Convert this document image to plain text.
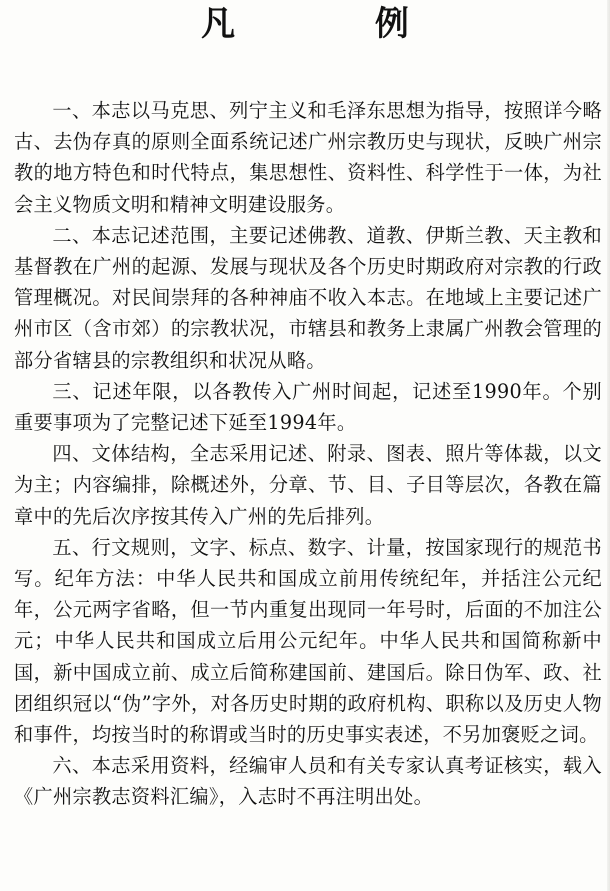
凡 例

一、本志以马克思、列宁主义和毛泽东思想为指导，按照详今略古、去伪存真的原则全面系统记述广州宗教历史与现状，反映广州宗教的地方特色和时代特点，集思想性、资料性、科学性于一体，为社会主义物质文明和精神文明建设服务。

二、本志记述范围，主要记述佛教、道教、伊斯兰教、天主教和基督教在广州的起源、发展与现状及各个历史时期政府对宗教的行政管理概况。对民间崇拜的各种神庙不收入本志。在地域上主要记述广州市区（含市郊）的宗教状况，市辖县和教务上隶属广州教会管理的部分省辖县的宗教组织和状况从略。

三、记述年限，以各教传入广州时间起，记述至1990年。个别重要事项为了完整记述下延至1994年。

四、文体结构，全志采用记述、附录、图表、照片等体裁，以文为主；内容编排，除概述外，分章、节、目、子目等层次，各教在篇章中的先后次序按其传入广州的先后排列。

五、行文规则，文字、标点、数字、计量，按国家现行的规范书写。纪年方法：中华人民共和国成立前用传统纪年，并括注公元纪年，公元两字省略，但一节内重复出现同一年号时，后面的不加注公元；中华人民共和国成立后用公元纪年。中华人民共和国简称新中国，新中国成立前、成立后简称建国前、建国后。除日伪军、政、社团组织冠以“伪”字外，对各历史时期的政府机构、职称以及历史人物和事件，均按当时的称谓或当时的历史事实表述，不另加褒贬之词。

六、本志采用资料，经编审人员和有关专家认真考证核实，载入《广州宗教志资料汇编》，入志时不再注明出处。
